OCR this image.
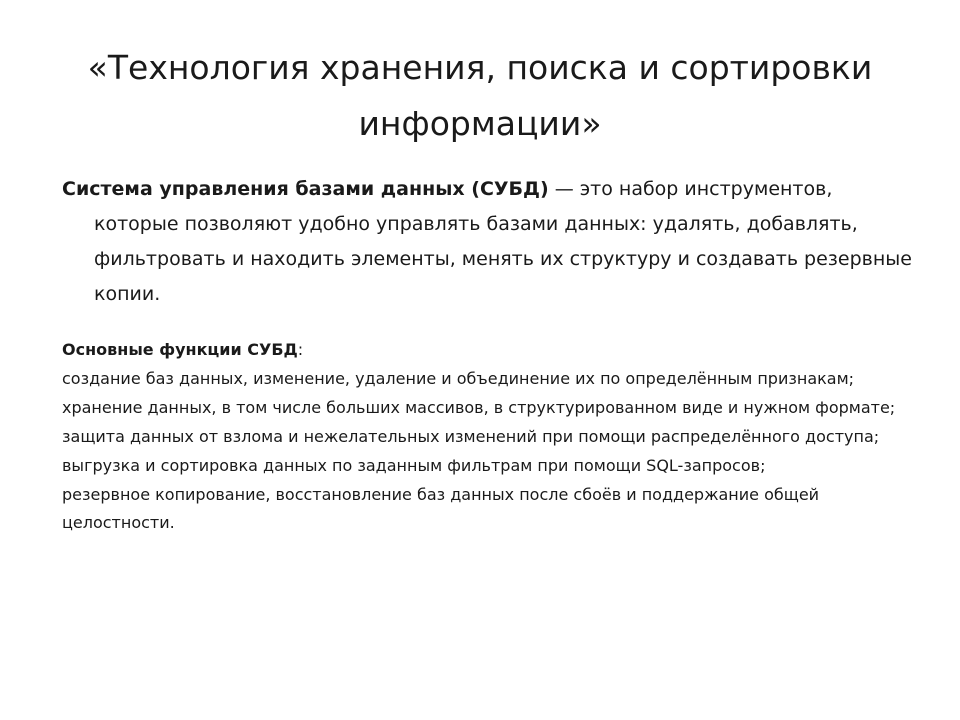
«Технология хранения, поиска и сортировки информации»

Система управления базами данных (СУБД) — это набор инструментов, которые позволяют удобно управлять базами данных: удалять, добавлять, фильтровать и находить элементы, менять их структуру и создавать резервные копии.

Основные функции СУБД:

создание баз данных, изменение, удаление и объединение их по определённым признакам;
хранение данных, в том числе больших массивов, в структурированном виде и нужном формате;
защита данных от взлома и нежелательных изменений при помощи распределённого доступа;
выгрузка и сортировка данных по заданным фильтрам при помощи SQL-запросов;
резервное копирование, восстановление баз данных после сбоёв и поддержание общей целостности.
